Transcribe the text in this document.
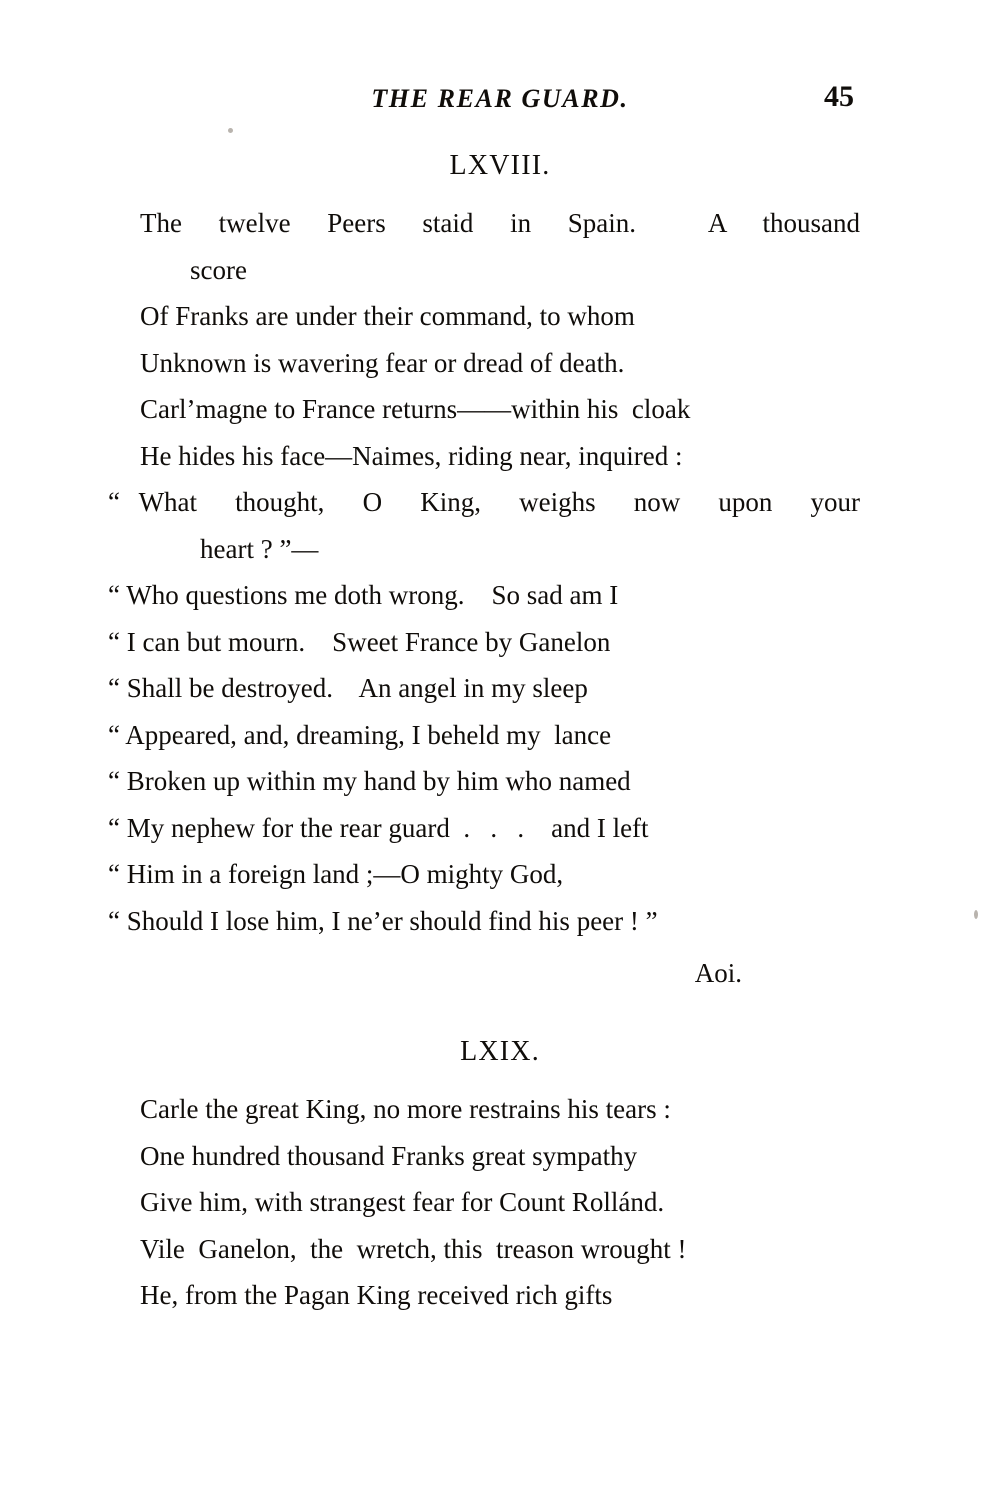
THE REAR GUARD.	45
LXVIII.
The  twelve  Peers  staid  in  Spain.    A  thousand
score
Of Franks are under their command, to whom
Unknown is wavering fear or dread of death.
Carl’magne to France returns——within his  cloak
He hides his face—Naimes, riding near, inquired :
“ What  thought,  O  King,  weighs  now  upon  your
heart ? ”—
“ Who questions me doth wrong.    So sad am I
“ I can but mourn.    Sweet France by Ganelon
“ Shall be destroyed.    An angel in my sleep
“ Appeared, and, dreaming, I beheld my  lance
“ Broken up within my hand by him who named
“ My nephew for the rear guard  .   .   .    and I left
“ Him in a foreign land ;—O mighty God,
“ Should I lose him, I ne’er should find his peer ! ”
Aoi.
LXIX.
Carle the great King, no more restrains his tears :
One hundred thousand Franks great sympathy
Give him, with strangest fear for Count Rollánd.
Vile  Ganelon,  the  wretch, this  treason wrought !
He, from the Pagan King received rich gifts
